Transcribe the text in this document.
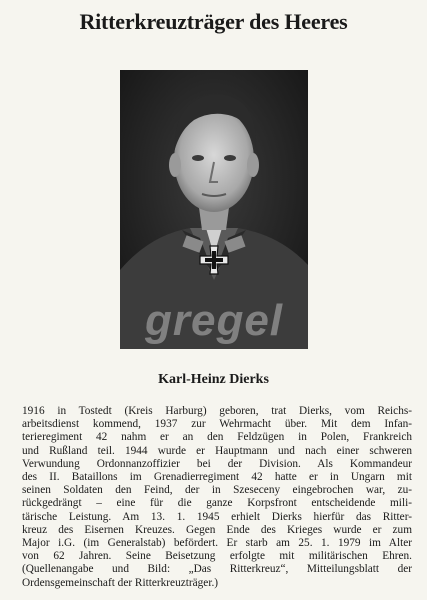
Ritterkreuzträger des Heeres
gregel
Karl-Heinz Dierks
1916 in Tostedt (Kreis Harburg) geboren, trat Dierks, vom Reichs-
arbeitsdienst kommend, 1937 zur Wehrmacht über. Mit dem Infan-
terieregiment 42 nahm er an den Feldzügen in Polen, Frankreich
und Rußland teil. 1944 wurde er Hauptmann und nach einer schweren
Verwundung Ordonnanzoffizier bei der Division. Als Kommandeur
des II. Bataillons im Grenadierregiment 42 hatte er in Ungarn mit
seinen Soldaten den Feind, der in Szeseceny eingebrochen war, zu-
rückgedrängt – eine für die ganze Korpsfront entscheidende mili-
tärische Leistung. Am 13. 1. 1945 erhielt Dierks hierfür das Ritter-
kreuz des Eisernen Kreuzes. Gegen Ende des Krieges wurde er zum
Major i.G. (im Generalstab) befördert. Er starb am 25. 1. 1979 im Alter
von 62 Jahren. Seine Beisetzung erfolgte mit militärischen Ehren.
(Quellenangabe und Bild: „Das Ritterkreuz“, Mitteilungsblatt der
Ordensgemeinschaft der Ritterkreuzträger.)
